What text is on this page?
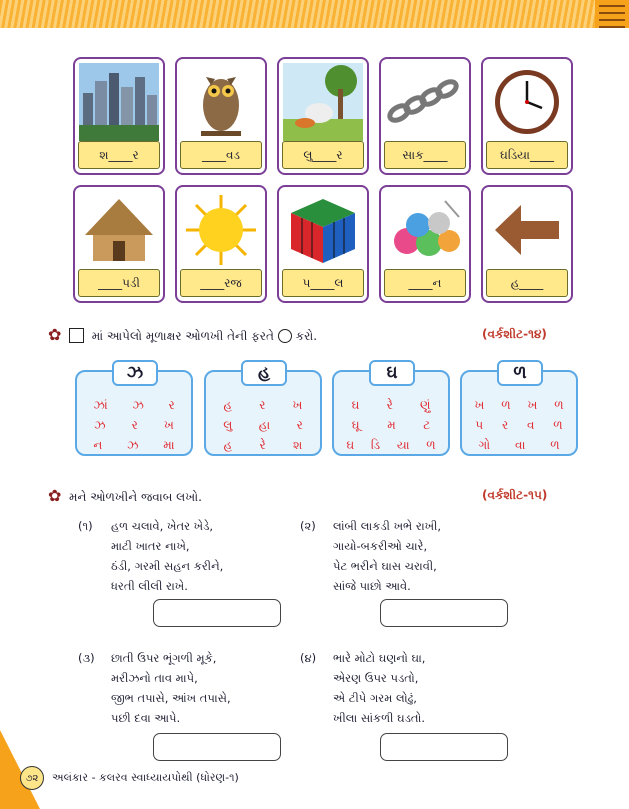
શ____ર	____વડ	લુ____ર	સાક____	ઘડિયા____
____પડી	____રજ	પ____લ	____ન	હ____
✿	માં આપેલો મૂળાક્ષર ઓળખી તેની ફરતે કરો.	(વર્કશીટ-૧૪)
ઝ
ઝાં ઝ ર
ઝ ર ખ
ન ઝ મા
હ
હ ર ખ
લુ હા ર
હ રે શ
ઘ
ઘ રે ણું
ઘૂ મ ટ
ઘ ડિ યા ળ
ળ
ખ ળ ખ ળ
પ ર વ ળ
ગો વા ળ
✿ મને ઓળખીને જવાબ લખો.	(વર્કશીટ-૧૫)
(૧) હળ ચલાવે, ખેતર ખેડે,
માટી ખાતર નાખે,
ઠંડી, ગરમી સહન કરીને,
ધરતી લીલી રાખે.
(૨) લાંબી લાકડી ખભે રાખી,
ગાયો-બકરીઓ ચારે,
પેટ ભરીને ઘાસ ચરાવી,
સાંજે પાછો આવે.
(૩) છાતી ઉપર ભૂંગળી મૂકે,
મરીઝનો તાવ માપે,
જીભ તપાસે, આંખ તપાસે,
પછી દવા આપે.
(૪) ભારે મોટો ઘણનો ઘા,
એરણ ઉપર પડતો,
એ ટીપે ગરમ લોઢું,
ખીલા સાંકળી ઘડતો.
૭૨	અલંકાર - કલરવ સ્વાધ્યાયપોથી (ધોરણ-૧)
